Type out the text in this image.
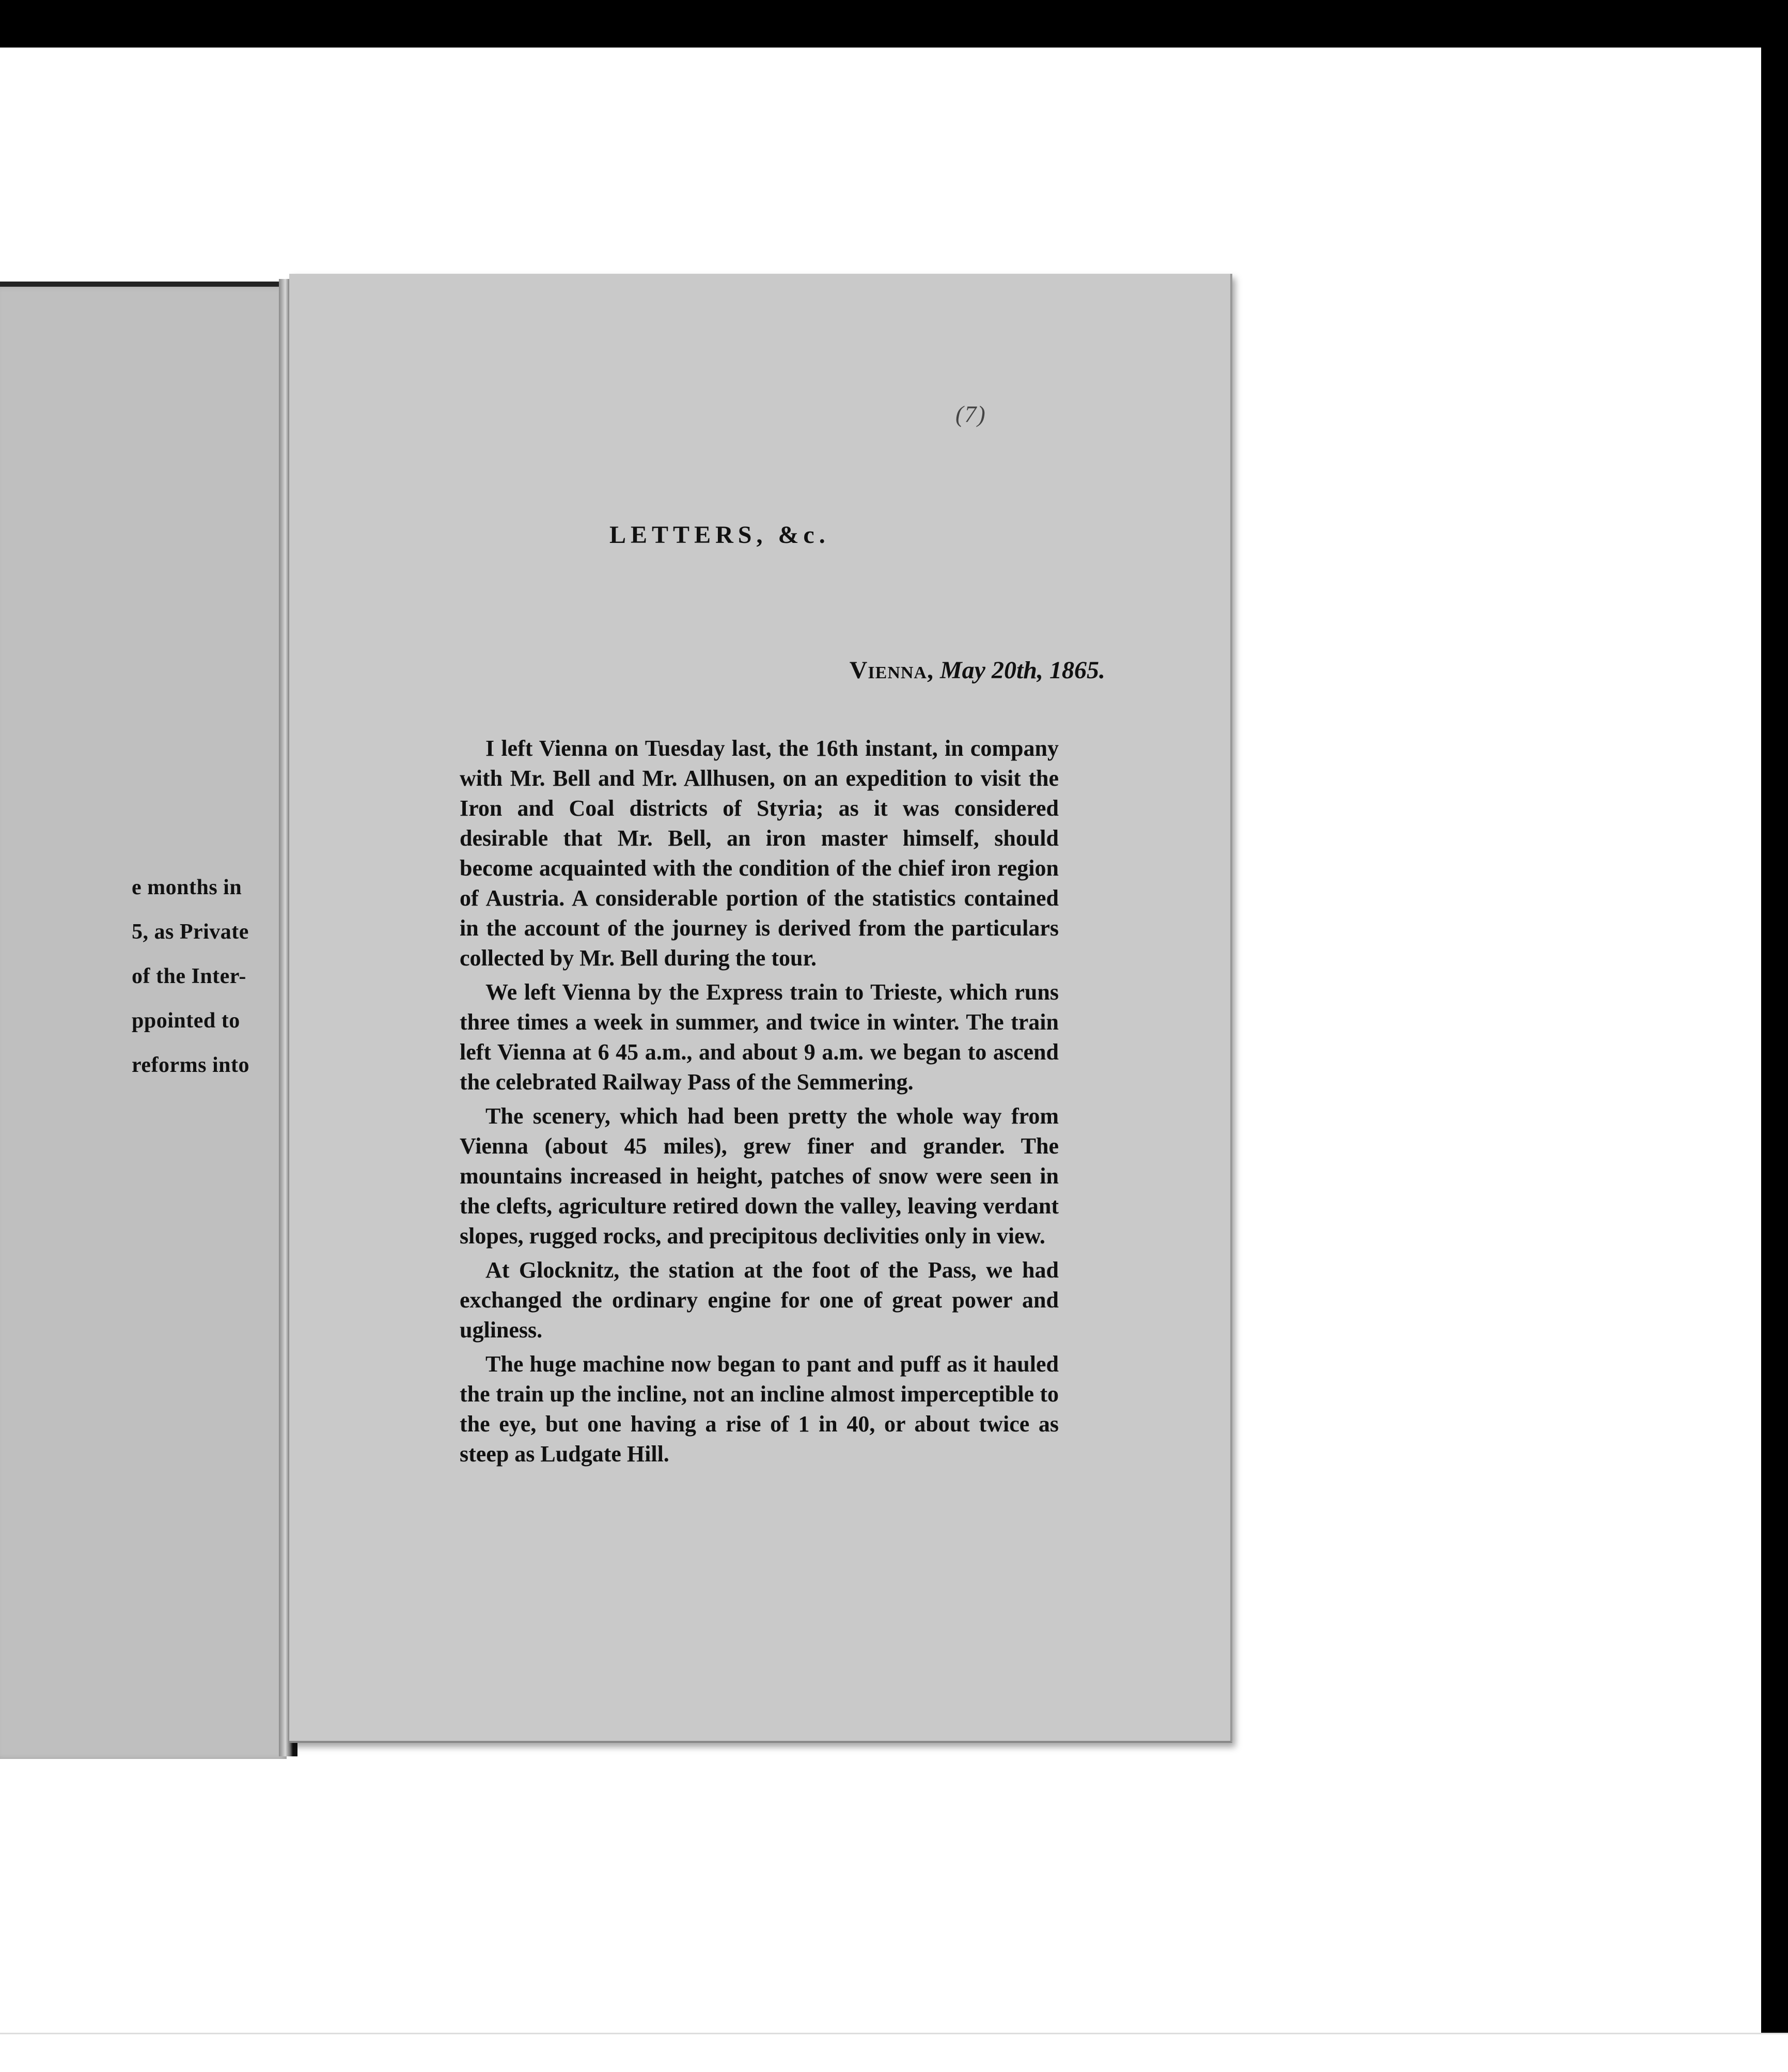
e months in
5, as Private
of the Inter-
ppointed to
reforms into
(7)
LETTERS, &c.
Vienna, May 20th, 1865.

I left Vienna on Tuesday last, the 16th instant, in company with Mr. Bell and Mr. Allhusen, on an expedition to visit the Iron and Coal districts of Styria; as it was considered desirable that Mr. Bell, an iron master himself, should become acquainted with the condition of the chief iron region of Austria. A considerable portion of the statistics contained in the account of the journey is derived from the particulars collected by Mr. Bell during the tour.

We left Vienna by the Express train to Trieste, which runs three times a week in summer, and twice in winter. The train left Vienna at 6 45 a.m., and about 9 a.m. we began to ascend the celebrated Railway Pass of the Semmering.

The scenery, which had been pretty the whole way from Vienna (about 45 miles), grew finer and grander. The mountains increased in height, patches of snow were seen in the clefts, agriculture retired down the valley, leaving verdant slopes, rugged rocks, and precipitous declivities only in view.

At Glocknitz, the station at the foot of the Pass, we had exchanged the ordinary engine for one of great power and ugliness.

The huge machine now began to pant and puff as it hauled the train up the incline, not an incline almost imperceptible to the eye, but one having a rise of 1 in 40, or about twice as steep as Ludgate Hill.
